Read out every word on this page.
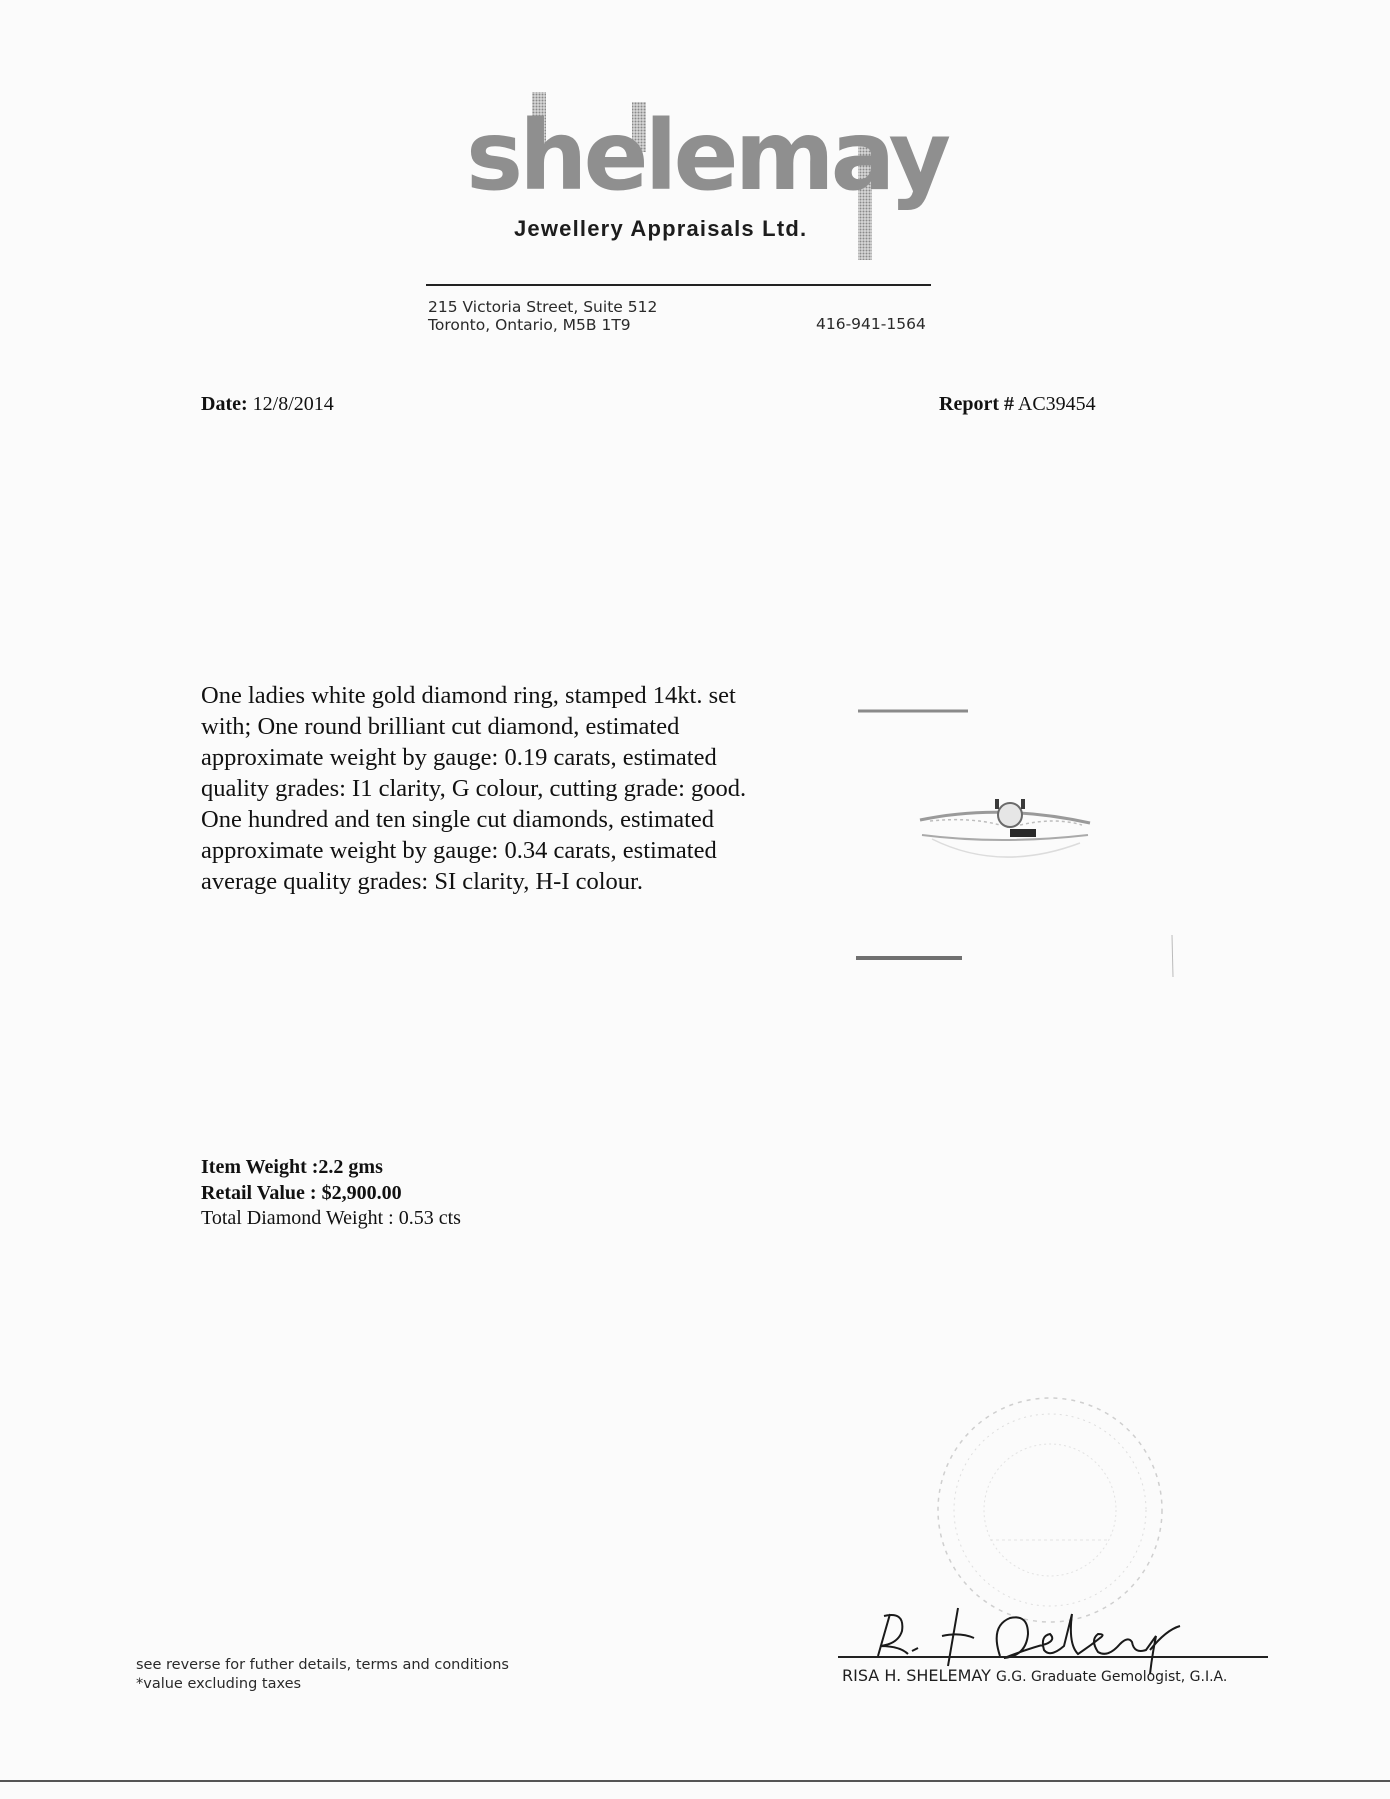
shelemay
Jewellery Appraisals Ltd.
215 Victoria Street, Suite 512
Toronto, Ontario, M5B 1T9	416-941-1564
Date: 12/8/2014	Report # AC39454
One ladies white gold diamond ring, stamped 14kt. set
with; One round brilliant cut diamond, estimated
approximate weight by gauge: 0.19 carats, estimated
quality grades: I1 clarity, G colour, cutting grade: good.
One hundred and ten single cut diamonds, estimated
approximate weight by gauge: 0.34 carats, estimated
average quality grades: SI clarity, H-I colour.
Item Weight :2.2 gms
Retail Value : $2,900.00
Total Diamond Weight : 0.53 cts
RISA H. SHELEMAY G.G. Graduate Gemologist, G.I.A.
see reverse for futher details, terms and conditions
*value excluding taxes
